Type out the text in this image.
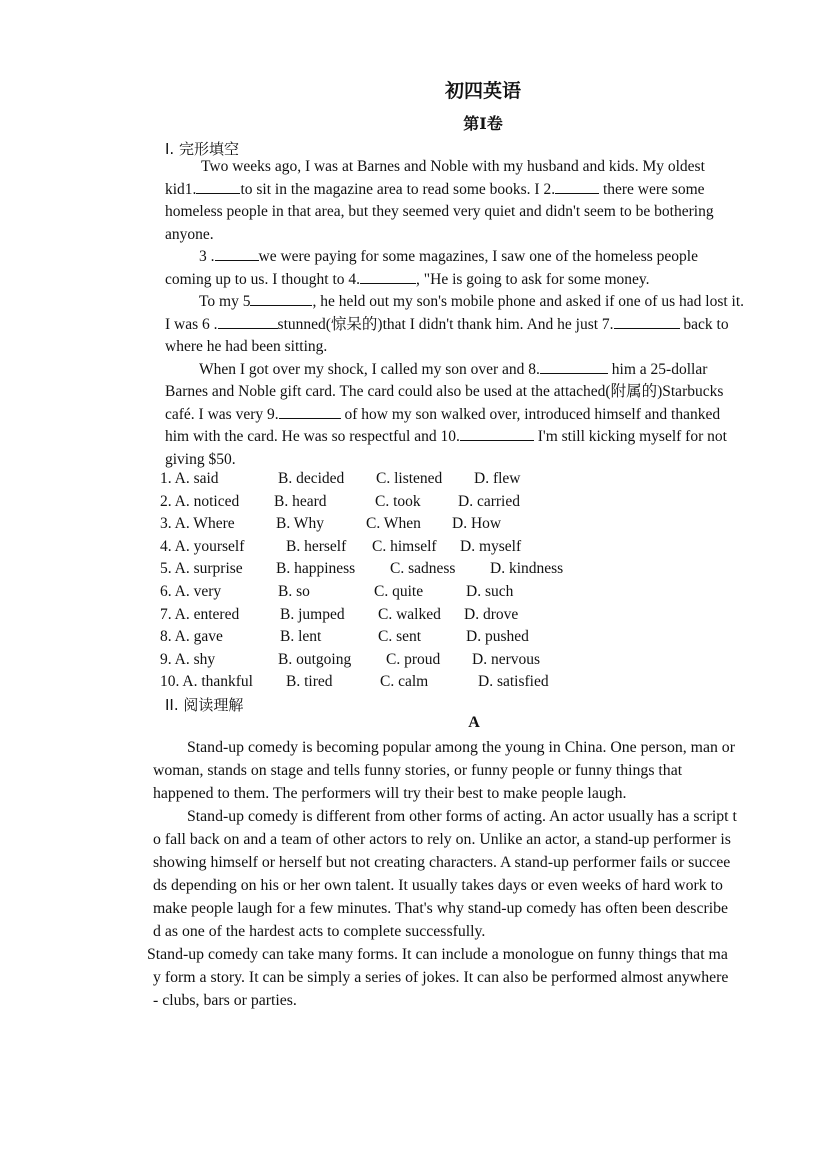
初四英语
第Ⅰ卷
I. 完形填空
Two weeks ago, I was at Barnes and Noble with my husband and kids. My oldest
kid1.	to sit in the magazine area to read some books. I 2.	there were some
homeless people in that area, but they seemed very quiet and didn't seem to be bothering
anyone.
3 .	we were paying for some magazines, I saw one of the homeless people
coming up to us. I thought to 4.	, "He is going to ask for some money.
To my 5	, he held out my son's mobile phone and asked if one of us had lost it.
I was 6 .	stunned(惊呆的)that I didn't thank him. And he just 7.	back to
where he had been sitting.
When I got over my shock, I called my son over and 8.	him a 25-dollar
Barnes and Noble gift card. The card could also be used at the attached(附属的)Starbucks
café. I was very 9.	of how my son walked over, introduced himself and thanked
him with the card. He was so respectful and 10.	I'm still kicking myself for not
giving $50.
1. A. said	B. decided C. listened D. flew
2. A. noticed B. heard	C. took D. carried
3. A. Where	B. Why	C. When D. How
4. A. yourself	B. herself C. himself D. myself
5. A. surprise B. happiness C. sadness D. kindness
6. A. very	B. so	C. quite	D. such
7. A. entered	B. jumped C. walked D. drove
8. A. gave	B. lent	C. sent	D. pushed
9. A. shy	B. outgoing C. proud D. nervous
10. A. thankful B. tired	C. calm	D. satisfied
II. 阅读理解
A
Stand-up comedy is becoming popular among the young in China. One person, man or
woman, stands on stage and tells funny stories, or funny people or funny things that
happened to them. The performers will try their best to make people laugh.
Stand-up comedy is different from other forms of acting. An actor usually has a script t
o fall back on and a team of other actors to rely on. Unlike an actor, a stand-up performer is
showing himself or herself but not creating characters. A stand-up performer fails or succee
ds depending on his or her own talent. It usually takes days or even weeks of hard work to
make people laugh for a few minutes. That's why stand-up comedy has often been describe
d as one of the hardest acts to complete successfully.
Stand-up comedy can take many forms. It can include a monologue on funny things that ma
y form a story. It can be simply a series of jokes. It can also be performed almost anywhere
- clubs, bars or parties.
